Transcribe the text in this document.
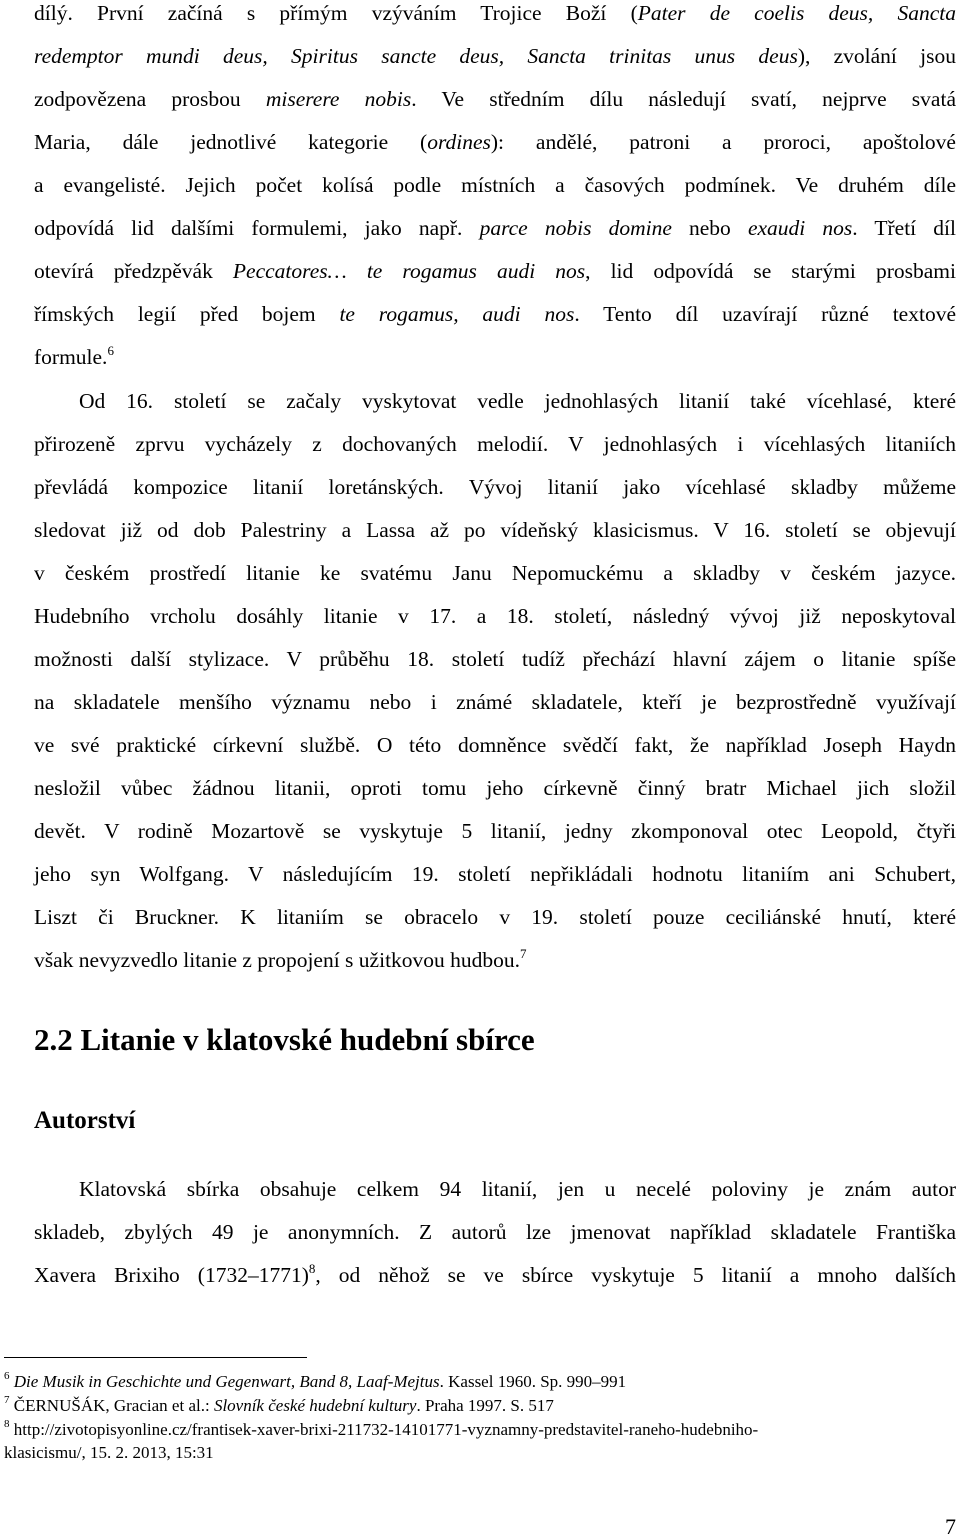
dílý. První začíná s přímým vzýváním Trojice Boží (Pater de coelis deus, Sancta
redemptor mundi deus, Spiritus sancte deus, Sancta trinitas unus deus), zvolání jsou
zodpovězena prosbou miserere nobis. Ve středním dílu následují svatí, nejprve svatá
Maria, dále jednotlivé kategorie (ordines): andělé, patroni a proroci, apoštolové
a evangelisté. Jejich počet kolísá podle místních a časových podmínek. Ve druhém díle
odpovídá lid dalšími formulemi, jako např. parce nobis domine nebo exaudi nos. Třetí díl
otevírá předzpěvák Peccatores… te rogamus audi nos, lid odpovídá se starými prosbami
římských legií před bojem te rogamus, audi nos. Tento díl uzavírají různé textové
formule.$^6$
Od 16. století se začaly vyskytovat vedle jednohlasých litanií také vícehlasé, které
přirozeně zprvu vycházely z dochovaných melodií. V jednohlasých i vícehlasých litaniích
převládá kompozice litanií loretánských. Vývoj litanií jako vícehlasé skladby můžeme
sledovat již od dob Palestriny a Lassa až po vídeňský klasicismus. V 16. století se objevují
v českém prostředí litanie ke svatému Janu Nepomuckému a skladby v českém jazyce.
Hudebního vrcholu dosáhly litanie v 17. a 18. století, následný vývoj již neposkytoval
možnosti další stylizace. V průběhu 18. století tudíž přechází hlavní zájem o litanie spíše
na skladatele menšího významu nebo i známé skladatele, kteří je bezprostředně využívají
ve své praktické církevní službě. O této domněnce svědčí fakt, že například Joseph Haydn
nesložil vůbec žádnou litanii, oproti tomu jeho církevně činný bratr Michael jich složil
devět. V rodině Mozartově se vyskytuje 5 litanií, jedny zkomponoval otec Leopold, čtyři
jeho syn Wolfgang. V následujícím 19. století nepřikládali hodnotu litaniím ani Schubert,
Liszt či Bruckner. K litaniím se obracelo v 19. století pouze ceciliánské hnutí, které
však nevyzvedlo litanie z propojení s užitkovou hudbou.$^7$
2.2 Litanie v klatovské hudební sbírce
Autorství
Klatovská sbírka obsahuje celkem 94 litanií, jen u necelé poloviny je znám autor
skladeb, zbylých 49 je anonymních. Z autorů lze jmenovat například skladatele Františka
Xavera Brixiho (1732–1771)$^8$, od něhož se ve sbírce vyskytuje 5 litanií a mnoho dalších
$^6$ Die Musik in Geschichte und Gegenwart, Band 8, Laaf-Mejtus. Kassel 1960. Sp. 990–991
$^7$ ČERNUŠÁK, Gracian et al.: Slovník české hudební kultury. Praha 1997. S. 517
$^8$ http://zivotopisyonline.cz/frantisek-xaver-brixi-211732-14101771-vyznamny-predstavitel-raneho-hudebniho-
klasicismu/, 15. 2. 2013, 15:31
7
